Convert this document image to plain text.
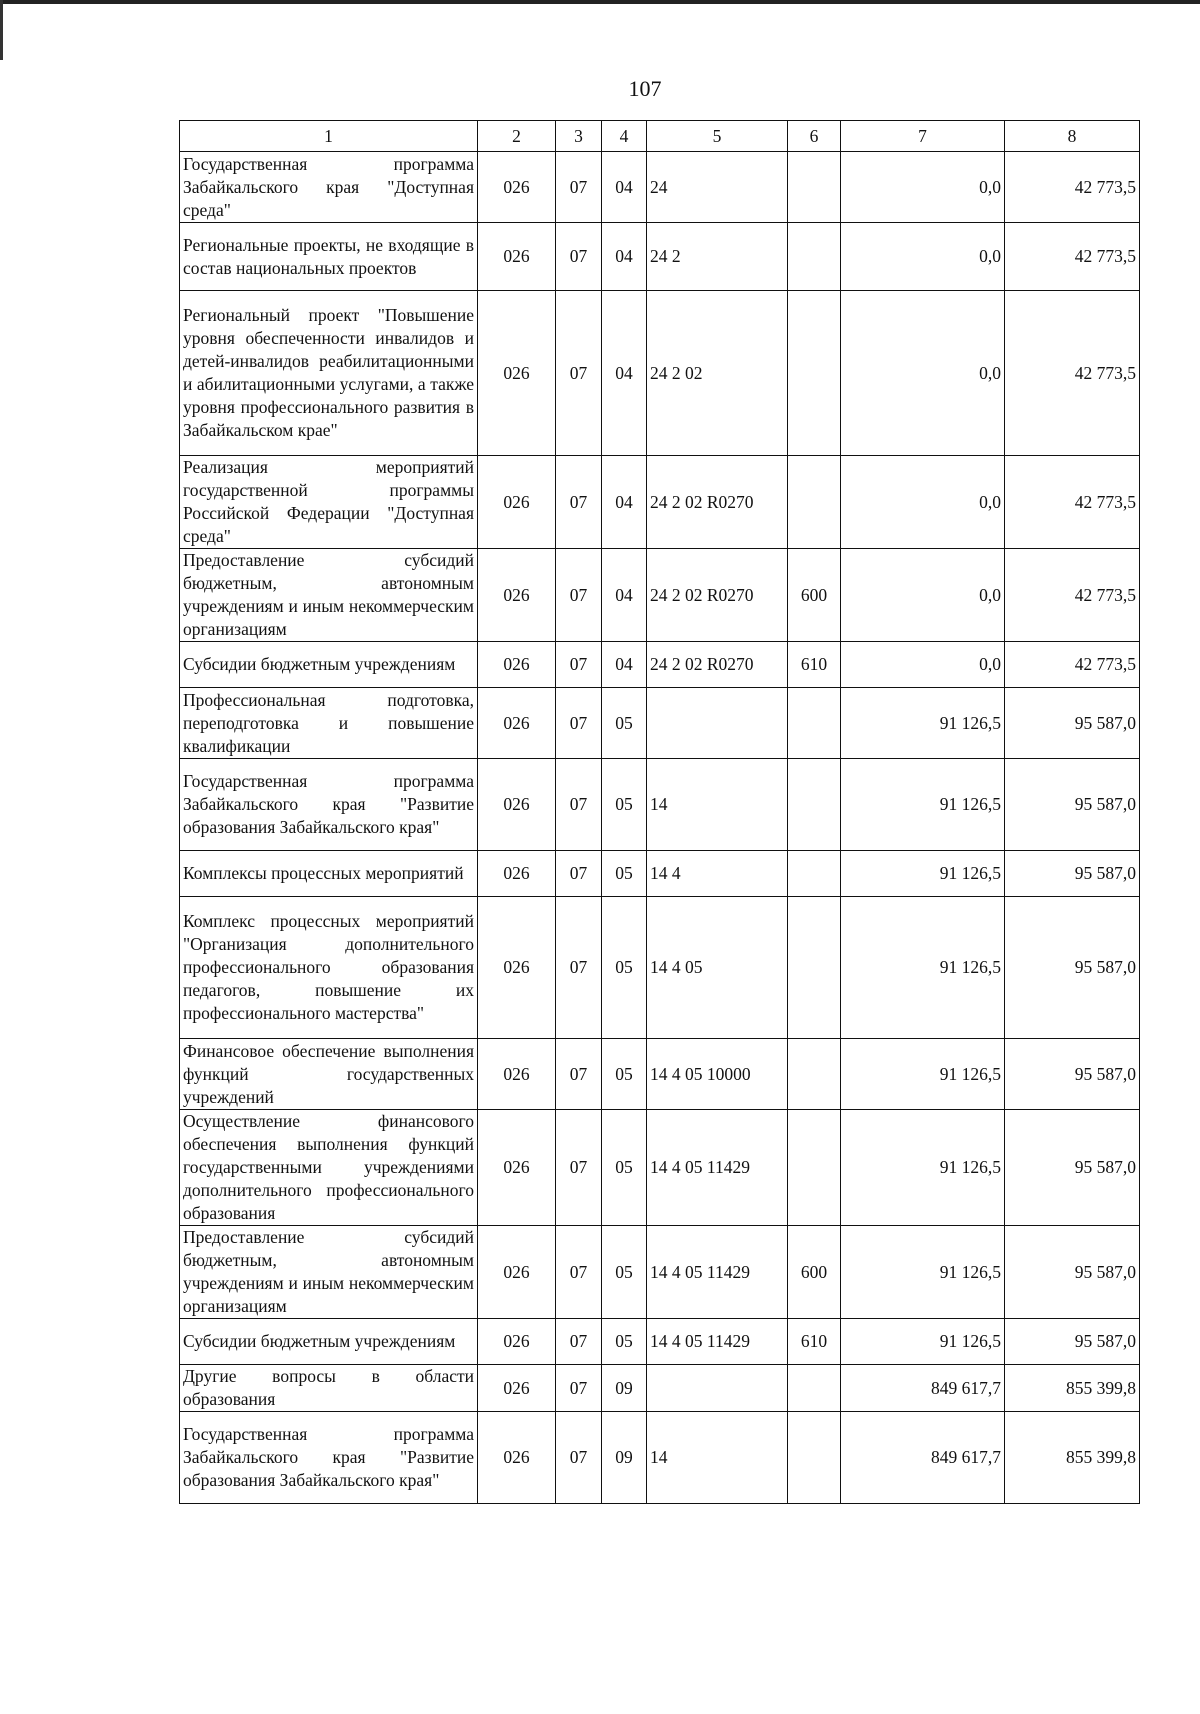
107
1	2	3	4	5	6	7	8
Государственная программа Забайкальского края "Доступная среда"	026	07	04	24		0,0	42 773,5
Региональные проекты, не входящие в состав национальных проектов	026	07	04	24 2		0,0	42 773,5
Региональный проект "Повышение уровня обеспеченности инвалидов и детей-инвалидов реабилитационными и абилитационными услугами, а также уровня профессионального развития в Забайкальском крае"	026	07	04	24 2 02		0,0	42 773,5
Реализация мероприятий государственной программы Российской Федерации "Доступная среда"	026	07	04	24 2 02 R0270		0,0	42 773,5
Предоставление субсидий бюджетным, автономным учреждениям и иным некоммерческим организациям	026	07	04	24 2 02 R0270	600	0,0	42 773,5
Субсидии бюджетным учреждениям	026	07	04	24 2 02 R0270	610	0,0	42 773,5
Профессиональная подготовка, переподготовка и повышение квалификации	026	07	05			91 126,5	95 587,0
Государственная программа Забайкальского края "Развитие образования Забайкальского края"	026	07	05	14		91 126,5	95 587,0
Комплексы процессных мероприятий	026	07	05	14 4		91 126,5	95 587,0
Комплекс процессных мероприятий "Организация дополнительного профессионального образования педагогов, повышение их профессионального мастерства"	026	07	05	14 4 05		91 126,5	95 587,0
Финансовое обеспечение выполнения функций государственных учреждений	026	07	05	14 4 05 10000		91 126,5	95 587,0
Осуществление финансового обеспечения выполнения функций государственными учреждениями дополнительного профессионального образования	026	07	05	14 4 05 11429		91 126,5	95 587,0
Предоставление субсидий бюджетным, автономным учреждениям и иным некоммерческим организациям	026	07	05	14 4 05 11429	600	91 126,5	95 587,0
Субсидии бюджетным учреждениям	026	07	05	14 4 05 11429	610	91 126,5	95 587,0
Другие вопросы в области образования	026	07	09			849 617,7	855 399,8
Государственная программа Забайкальского края "Развитие образования Забайкальского края"	026	07	09	14		849 617,7	855 399,8
